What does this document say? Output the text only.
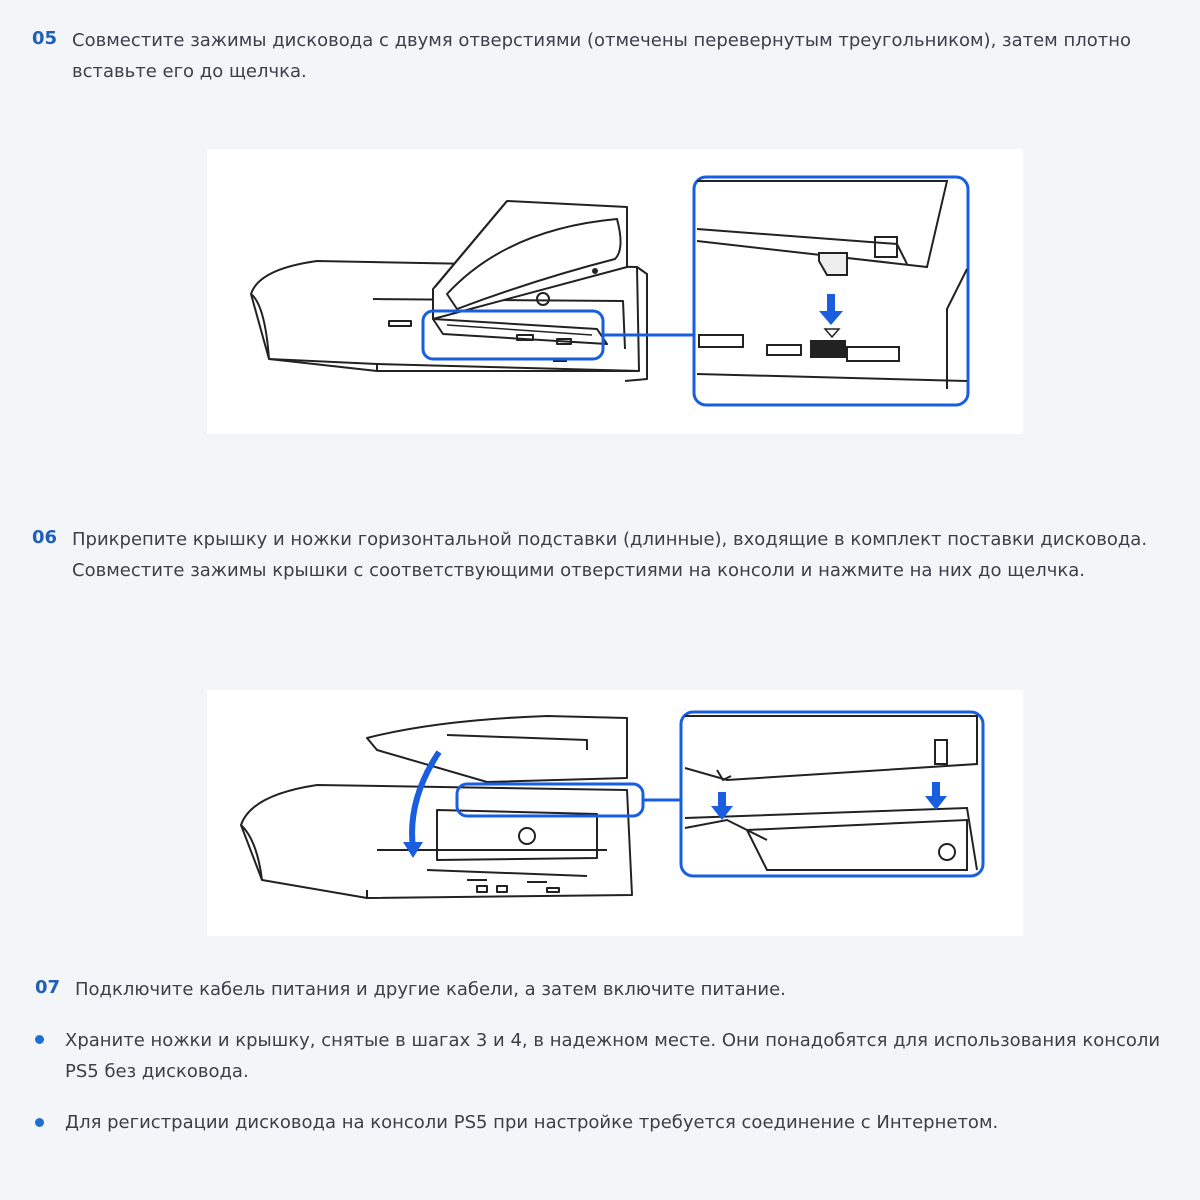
05 Совместите зажимы дисковода с двумя отверстиями (отмечены перевернутым треугольником), затем плотно вставьте его до щелчка.
06 Прикрепите крышку и ножки горизонтальной подставки (длинные), входящие в комплект поставки дисковода. Совместите зажимы крышки с соответствующими отверстиями на консоли и нажмите на них до щелчка.
07 Подключите кабель питания и другие кабели, а затем включите питание.
Храните ножки и крышку, снятые в шагах 3 и 4, в надежном месте. Они понадобятся для использования консоли PS5 без дисковода.
Для регистрации дисковода на консоли PS5 при настройке требуется соединение с Интернетом.
